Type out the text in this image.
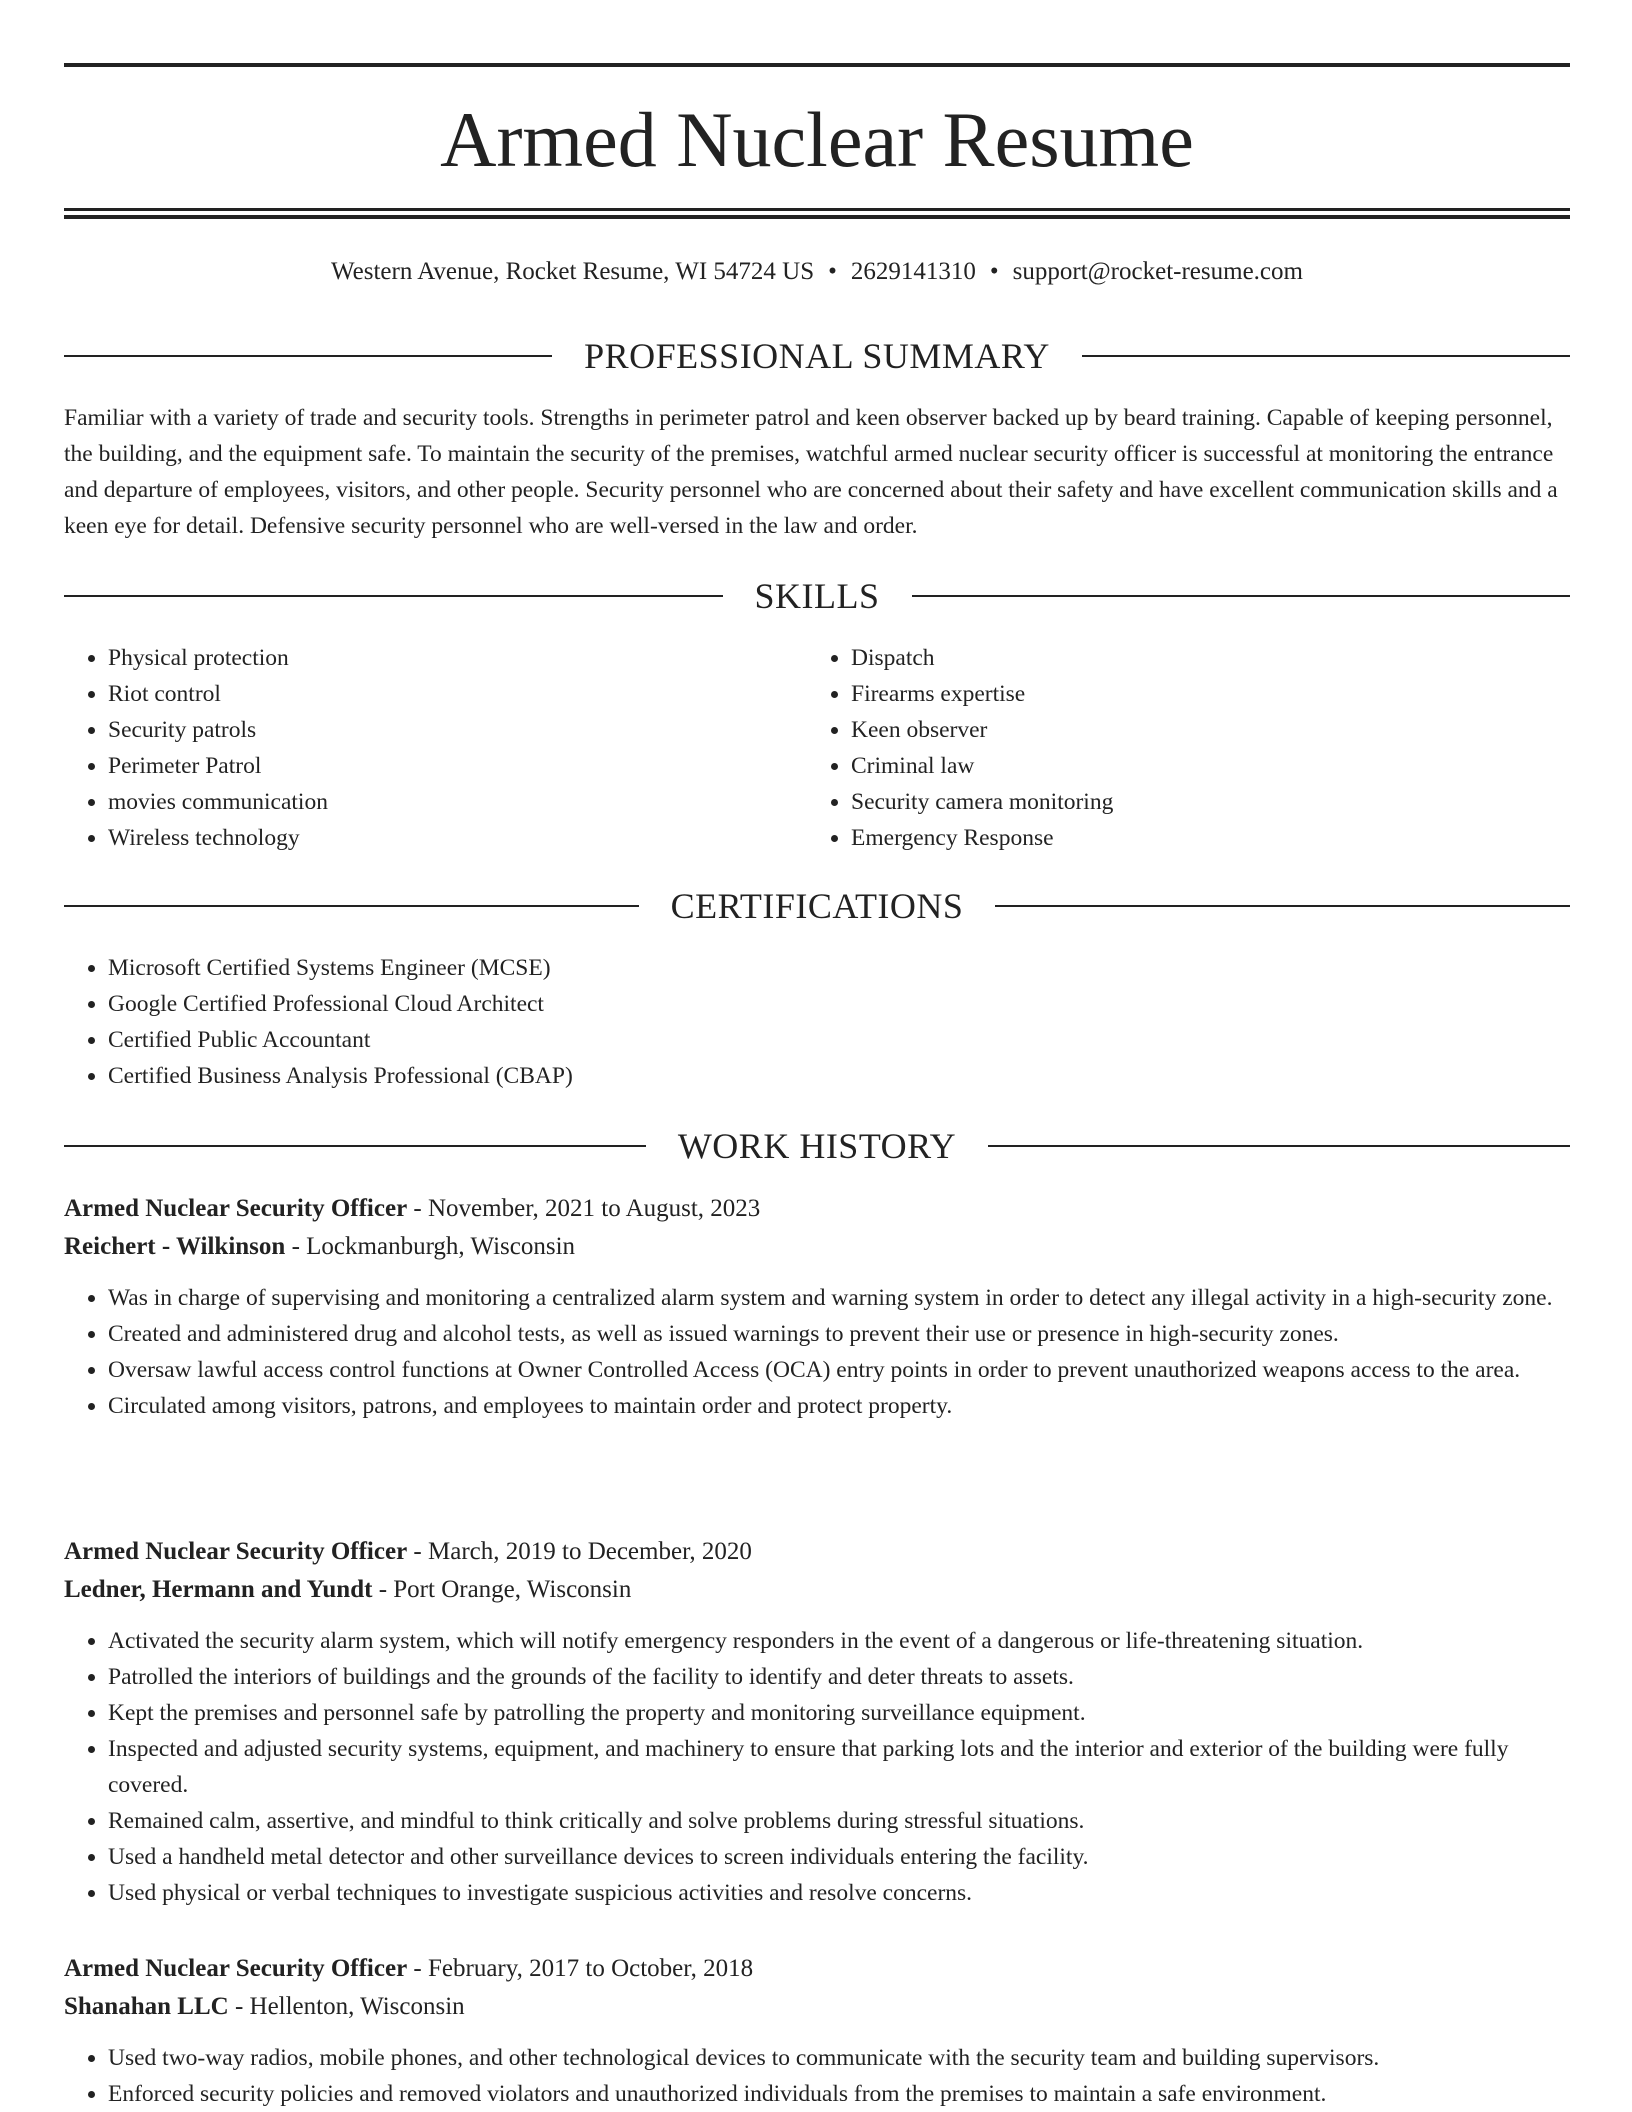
Armed Nuclear Resume
Western Avenue, Rocket Resume, WI 54724 US • 2629141310 • support@rocket-resume.com
PROFESSIONAL SUMMARY

Familiar with a variety of trade and security tools. Strengths in perimeter patrol and keen observer backed up by beard training. Capable of keeping personnel, the building, and the equipment safe. To maintain the security of the premises, watchful armed nuclear security officer is successful at monitoring the entrance and departure of employees, visitors, and other people. Security personnel who are concerned about their safety and have excellent communication skills and a keen eye for detail. Defensive security personnel who are well-versed in the law and order.

SKILLS
• Physical protection
• Riot control
• Security patrols
• Perimeter Patrol
• movies communication
• Wireless technology
• Dispatch
• Firearms expertise
• Keen observer
• Criminal law
• Security camera monitoring
• Emergency Response
CERTIFICATIONS
• Microsoft Certified Systems Engineer (MCSE)
• Google Certified Professional Cloud Architect
• Certified Public Accountant
• Certified Business Analysis Professional (CBAP)
WORK HISTORY

Armed Nuclear Security Officer - November, 2021 to August, 2023

Reichert - Wilkinson - Lockmanburgh, Wisconsin

• Was in charge of supervising and monitoring a centralized alarm system and warning system in order to detect any illegal activity in a high-security zone.
• Created and administered drug and alcohol tests, as well as issued warnings to prevent their use or presence in high-security zones.
• Oversaw lawful access control functions at Owner Controlled Access (OCA) entry points in order to prevent unauthorized weapons access to the area.
• Circulated among visitors, patrons, and employees to maintain order and protect property.

Armed Nuclear Security Officer - March, 2019 to December, 2020

Ledner, Hermann and Yundt - Port Orange, Wisconsin

• Activated the security alarm system, which will notify emergency responders in the event of a dangerous or life-threatening situation.
• Patrolled the interiors of buildings and the grounds of the facility to identify and deter threats to assets.
• Kept the premises and personnel safe by patrolling the property and monitoring surveillance equipment.
• Inspected and adjusted security systems, equipment, and machinery to ensure that parking lots and the interior and exterior of the building were fully covered.
• Remained calm, assertive, and mindful to think critically and solve problems during stressful situations.
• Used a handheld metal detector and other surveillance devices to screen individuals entering the facility.
• Used physical or verbal techniques to investigate suspicious activities and resolve concerns.

Armed Nuclear Security Officer - February, 2017 to October, 2018

Shanahan LLC - Hellenton, Wisconsin

• Used two-way radios, mobile phones, and other technological devices to communicate with the security team and building supervisors.
• Enforced security policies and removed violators and unauthorized individuals from the premises to maintain a safe environment.
